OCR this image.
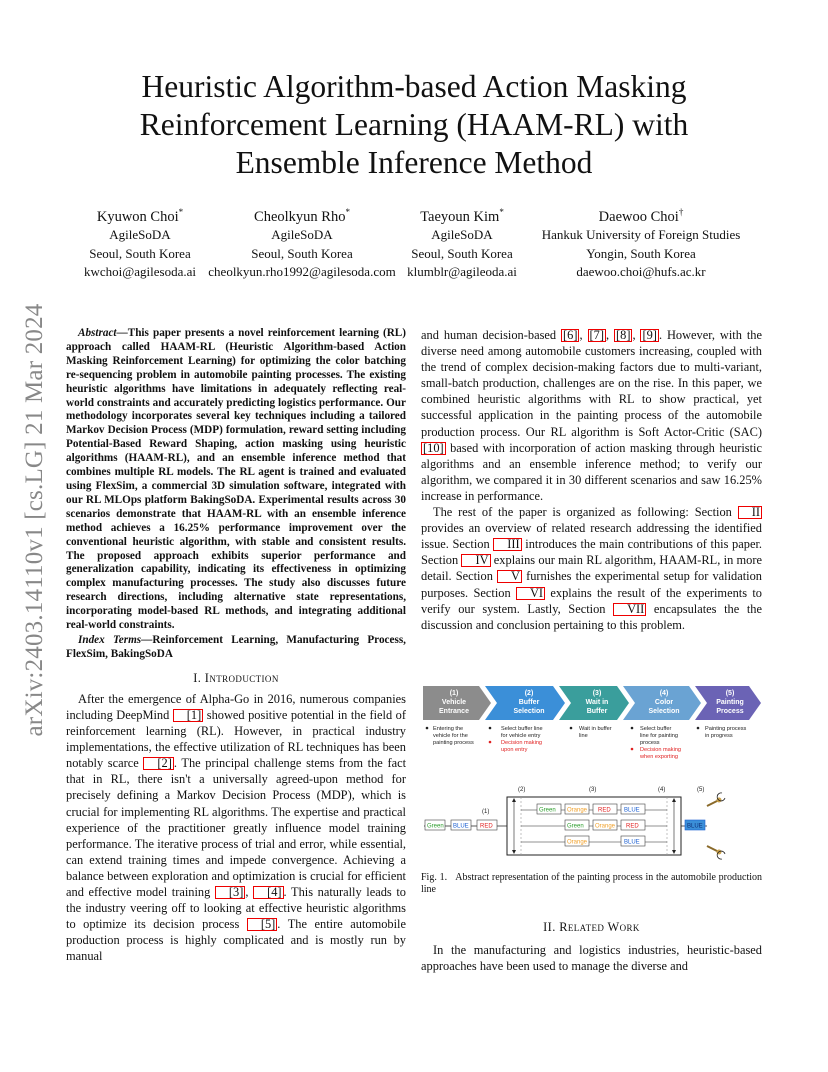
arXiv:2403.14110v1 [cs.LG] 21 Mar 2024
Heuristic Algorithm-based Action Masking
Reinforcement Learning (HAAM-RL) with
Ensemble Inference Method
Kyuwon Choi*
AgileSoDA
Seoul, South Korea
kwchoi@agilesoda.ai
Cheolkyun Rho*
AgileSoDA
Seoul, South Korea
cheolkyun.rho1992@agilesoda.com
Taeyoun Kim*
AgileSoDA
Seoul, South Korea
klumblr@agileoda.ai
Daewoo Choi†
Hankuk University of Foreign Studies
Yongin, South Korea
daewoo.choi@hufs.ac.kr

Abstract—This paper presents a novel reinforcement learning (RL) approach called HAAM-RL (Heuristic Algorithm-based Action Masking Reinforcement Learning) for optimizing the color batching re-sequencing problem in automobile painting processes. The existing heuristic algorithms have limitations in adequately reflecting real-world constraints and accurately predicting logistics performance. Our methodology incorporates several key techniques including a tailored Markov Decision Process (MDP) formulation, reward setting including Potential-Based Reward Shaping, action masking using heuristic algorithms (HAAM-RL), and an ensemble inference method that combines multiple RL models. The RL agent is trained and evaluated using FlexSim, a commercial 3D simulation software, integrated with our RL MLOps platform BakingSoDA. Experimental results across 30 scenarios demonstrate that HAAM-RL with an ensemble inference method achieves a 16.25% performance improvement over the conventional heuristic algorithm, with stable and consistent results. The proposed approach exhibits superior performance and generalization capability, indicating its effectiveness in optimizing complex manufacturing processes. The study also discusses future research directions, including alternative state representations, incorporating model-based RL methods, and integrating additional real-world constraints.

Index Terms—Reinforcement Learning, Manufacturing Process, FlexSim, BakingSoDA

I. Introduction

After the emergence of Alpha-Go in 2016, numerous companies including DeepMind [1] showed positive potential in the field of reinforcement learning (RL). However, in practical industry implementations, the effective utilization of RL techniques has been notably scarce [2] . The principal challenge stems from the fact that in RL, there isn't a universally agreed-upon method for precisely defining a Markov Decision Process (MDP), which is crucial for implementing RL algorithms. The expertise and practical experience of the practitioner greatly influence model training performance. The iterative process of trial and error, while essential, can extend training times and impede convergence. Achieving a balance between exploration and optimization is crucial for efficient and effective model training [3] , [4] . This naturally leads to the industry veering off to looking at effective heuristic algorithms to optimize its decision process [5] . The entire automobile production process is highly complicated and is mostly run by manual

and human decision-based [6] , [7] , [8] , [9] . However, with the diverse need among automobile customers increasing, coupled with the trend of complex decision-making factors due to multi-variant, small-batch production, challenges are on the rise. In this paper, we combined heuristic algorithms with RL to show practical, yet successful application in the painting process of the automobile production process. Our RL algorithm is Soft Actor-Critic (SAC) [10] based with incorporation of action masking through heuristic algorithms and an ensemble inference method; to verify our algorithm, we compared it in 30 different scenarios and saw 16.25% increase in performance.

The rest of the paper is organized as following: Section II provides an overview of related research addressing the identified issue. Section III introduces the main contributions of this paper. Section IV explains our main RL algorithm, HAAM-RL, in more detail. Section V furnishes the experimental setup for validation purposes. Section VI explains the result of the experiments to verify our system. Lastly, Section VII encapsulates the the discussion and conclusion pertaining to this problem.

(1)
Vehicle
Entrance
(2)
Buffer
Selection
(3)
Wait in
Buffer
(4)
Color
Selection
(5)
Painting
Process
Entering the
vehicle for the
painting process
Select buffer line
for vehicle entry
Decision making
upon entry
Wait in buffer
line
Select buffer
line for painting
process
Decision making
when exporting
Painting process
in progress
(2)	(3)	(4)	(5)
(1)
Green BLUE RED
Green Orange RED BLUE
Green Orange RED
Orange	BLUE
BLUE
Fig. 1. Abstract representation of the painting process in the automobile production line
II. Related Work

In the manufacturing and logistics industries, heuristic-based approaches have been used to manage the diverse and
